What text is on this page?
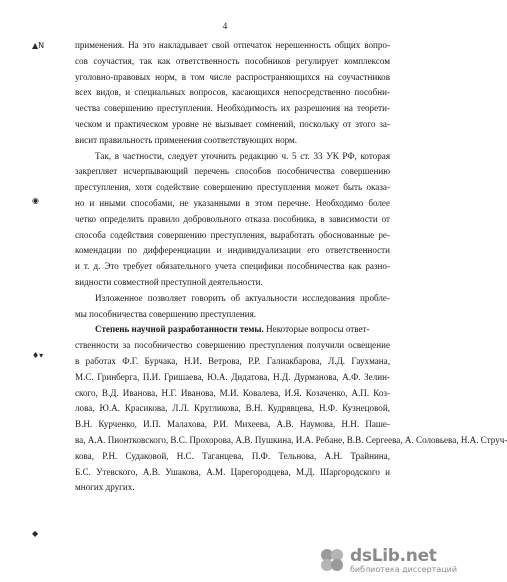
4
применения. На это накладывает свой отпечаток нерешенность общих вопро-
сов соучастия, так как ответственность пособников регулирует комплексом
уголовно-правовых норм, в том числе распространяющихся на соучастников
всех видов, и специальных вопросов, касающихся непосредственно пособни-
чества совершению преступления. Необходимость их разрешения на теорети-
ческом и практическом уровне не вызывает сомнений, поскольку от этого за-
висит правильность применения соответствующих норм.
Так, в частности, следует уточнить редакцию ч. 5 ст. 33 УК РФ, которая
закрепляет исчерпывающий перечень способов пособничества совершению
преступления, хотя содействие совершению преступления может быть оказа-
но и иными способами, не указанными в этом перечне. Необходимо более
четко определить правило добровольного отказа пособника, в зависимости от
способа содействия совершению преступления, выработать обоснованные ре-
комендации по дифференциации и индивидуализации его ответственности
и т. д. Это требует обязательного учета специфики пособничества как разно-
видности совместной преступной деятельности.
Изложенное позволяет говорить об актуальности исследования пробле-
мы пособничества совершению преступления.
Степень научной разработанности темы. Некоторые вопросы ответ-
ственности за пособничество совершению преступления получили освещение
в работах Ф.Г. Бурчака, Н.И. Ветрова, Р.Р. Галиакбарова, Л.Д. Гаухмана,
М.С. Гринберга, П.И. Гришаева, Ю.А. Дидатова, Н.Д. Дурманова, А.Ф. Зелин-
ского, В.Д. Иванова, Н.Г. Иванова, М.И. Ковалева, И.Я. Козаченко, А.П. Коз-
лова, Ю.А. Красикова, Л.Л. Кругликова, В.Н. Кудрявцева, Н.Ф. Кузнецовой,
В.Н. Курченко, И.П. Малахова, Р.И. Михеева, А.В. Наумова, Н.Н. Паше-
ва, А.А. Пионтковского, В.С. Прохорова, А.В. Пушкина, И.А. Ребане, В.В. Сергеева, А. Соловьева, Н.А. Струч-
кова, Р.Н. Судаковой, Н.С. Таганцева, П.Ф. Тельнова, А.Н. Трайнина,
Б.С. Утевского, А.В. Ушакова, А.М. Царегородцева, М.Д. Шаргородского и
многих других.
▲N
◉
♦▾
◆
dsLib.net
библиотека диссертаций
